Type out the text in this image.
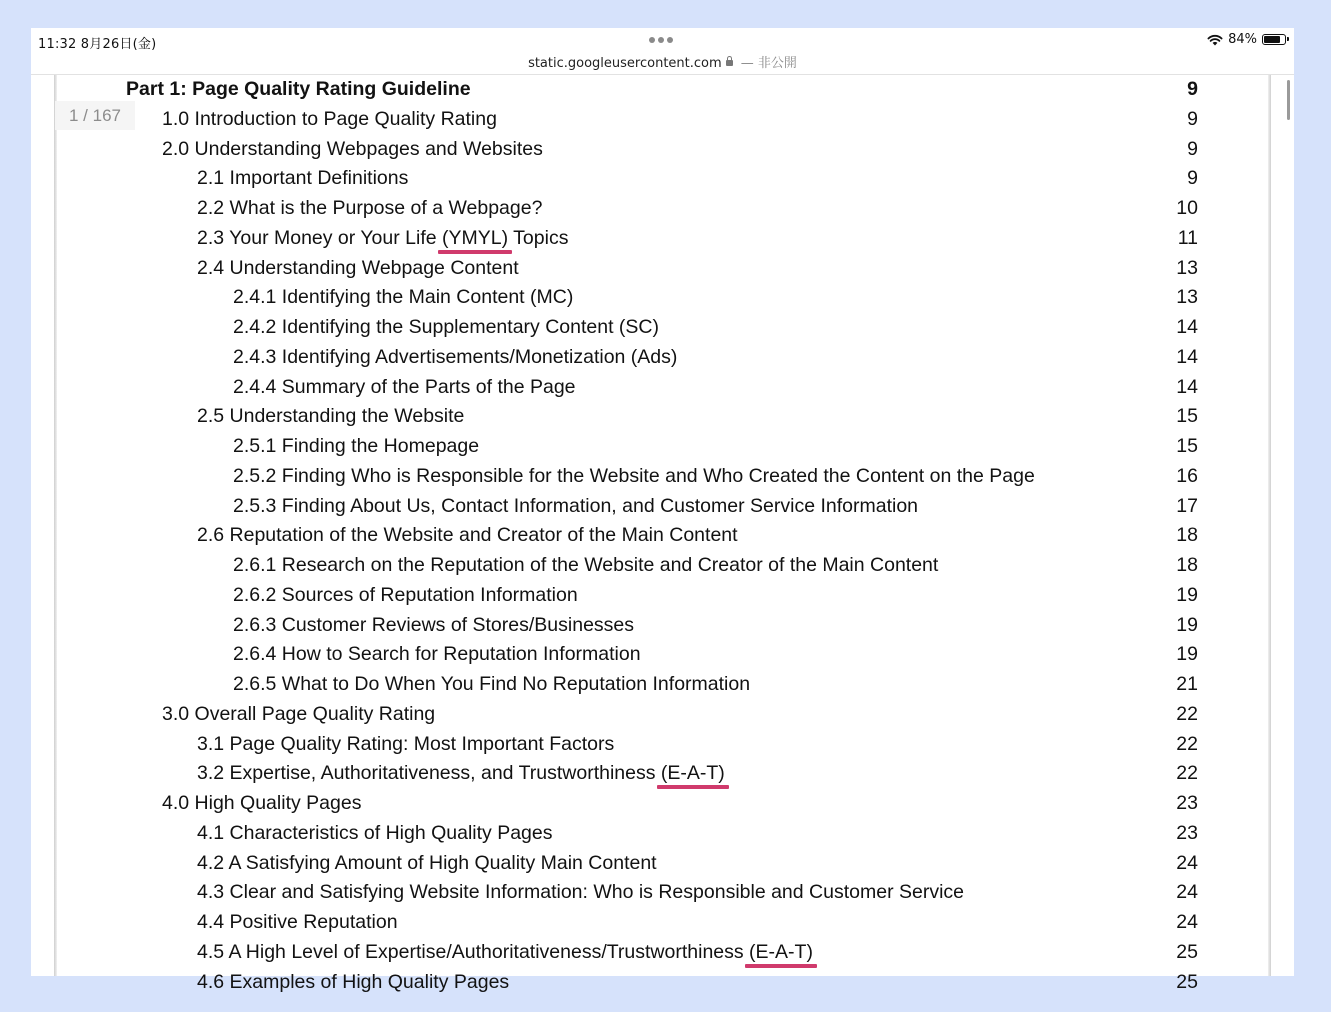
11:32 8月26日(金)
static.googleusercontent.com — 非公開
84%
Part 1: Page Quality Rating Guideline	9
1.0 Introduction to Page Quality Rating	9
2.0 Understanding Webpages and Websites	9
2.1 Important Definitions	9
2.2 What is the Purpose of a Webpage?	10
2.3 Your Money or Your Life (YMYL) Topics	11
2.4 Understanding Webpage Content	13
2.4.1 Identifying the Main Content (MC)	13
2.4.2 Identifying the Supplementary Content (SC)	14
2.4.3 Identifying Advertisements/Monetization (Ads)	14
2.4.4 Summary of the Parts of the Page	14
2.5 Understanding the Website	15
2.5.1 Finding the Homepage	15
2.5.2 Finding Who is Responsible for the Website and Who Created the Content on the Page	16
2.5.3 Finding About Us, Contact Information, and Customer Service Information	17
2.6 Reputation of the Website and Creator of the Main Content	18
2.6.1 Research on the Reputation of the Website and Creator of the Main Content	18
2.6.2 Sources of Reputation Information	19
2.6.3 Customer Reviews of Stores/Businesses	19
2.6.4 How to Search for Reputation Information	19
2.6.5 What to Do When You Find No Reputation Information	21
3.0 Overall Page Quality Rating	22
3.1 Page Quality Rating: Most Important Factors	22
3.2 Expertise, Authoritativeness, and Trustworthiness (E-A-T)	22
4.0 High Quality Pages	23
4.1 Characteristics of High Quality Pages	23
4.2 A Satisfying Amount of High Quality Main Content	24
4.3 Clear and Satisfying Website Information: Who is Responsible and Customer Service	24
4.4 Positive Reputation	24
4.5 A High Level of Expertise/Authoritativeness/Trustworthiness (E-A-T)	25
4.6 Examples of High Quality Pages	25
1 / 167
